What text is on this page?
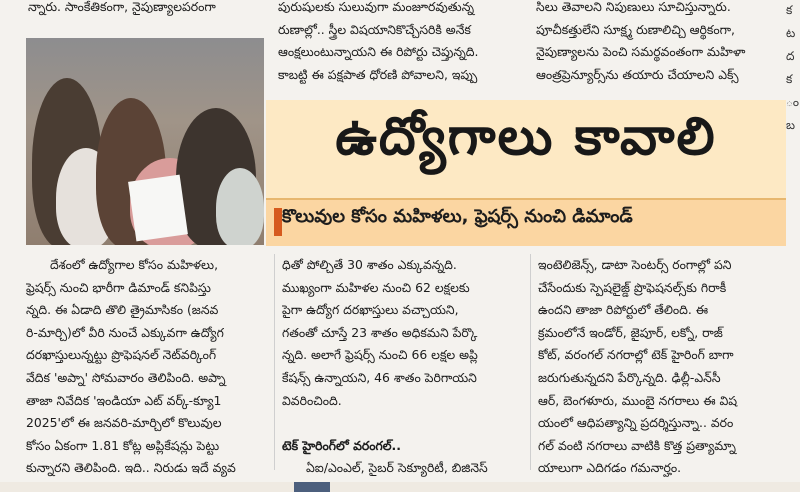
న్నారు. సాంకేతికంగా, నైపుణ్యాలపరంగా	పురుషులకు సులువుగా మంజూరవుతున్న
రుణాల్లో.. స్త్రీల విషయానికొచ్చేసరికి అనేక
ఆంక్షలుంటున్నాయని ఈ రిపోర్టు చెప్తున్నది.
కాబట్టి ఈ పక్షపాత ధోరణి పోవాలని, ఇప్పు
సిలు తెవాలని నిపుణులు సూచిస్తున్నారు.
పూచీకత్తులేని సూక్ష్మ రుణాలిచ్చి ఆర్థికంగా,
నైపుణ్యాలను పెంచి సమర్థవంతంగా మహిళా
ఆంత్రప్రెన్యూర్స్‌ను తయారు చేయాలని ఎక్స్
ఉద్యోగాలు కావాలి
కొలువుల కోసం మహిళలు, ఫ్రెషర్స్ నుంచి డిమాండ్
దేశంలో ఉద్యోగాల కోసం మహిళలు,
ఫ్రెషర్స్ నుంచి భారీగా డిమాండ్ కనిపిస్తు
న్నది. ఈ ఏడాది తొలి త్రైమాసికం (జనవ
రి-మార్చి)లో వీరి నుంచే ఎక్కువగా ఉద్యోగ
దరఖాస్తులున్నట్టు ప్రొఫెషనల్ నెట్‌వర్కింగ్
వేదిక 'అప్నా' సోమవారం తెలిపింది. అప్నా
తాజా నివేదిక 'ఇండియా ఎట్ వర్క్-క్యూ1
2025'లో ఈ జనవరి-మార్చిలో కొలువుల
కోసం ఏకంగా 1.81 కోట్ల అప్లికేషన్లు పెట్టు
కున్నారని తెలిపింది. ఇది.. నిరుడు ఇదే వ్యవ
ధితో పోల్చితే 30 శాతం ఎక్కువన్నది.
ముఖ్యంగా మహిళల నుంచి 62 లక్షలకు
పైగా ఉద్యోగ దరఖాస్తులు వచ్చాయని,
గతంతో చూస్తే 23 శాతం అధికమని పేర్కొ
న్నది. అలాగే ఫ్రెషర్స్ నుంచి 66 లక్షల అప్లి
కేషన్స్ ఉన్నాయని, 46 శాతం పెరిగాయని
వివరించింది.
టెక్ హైరింగ్‌లో వరంగల్..
ఏఐ/ఎంఎల్, సైబర్ సెక్యూరిటీ, బిజినెస్
ఇంటెలిజెన్స్, డాటా సెంటర్స్ రంగాల్లో పని
చేసేందుకు స్పెషలైజ్డ్ ప్రొఫెషనల్స్‌కు గిరాకీ
ఉందని తాజా రిపోర్టులో తేలింది. ఈ
క్రమంలోనే ఇండోర్, జైపూర్, లక్నో, రాజ్
కోట్, వరంగల్ నగరాల్లో టెక్ హైరింగ్ బాగా
జరుగుతున్నదని పేర్కొన్నది. ఢిల్లీ-ఎన్‌సీ
ఆర్, బెంగళూరు, ముంబై నగరాలు ఈ విష
యంలో ఆధిపత్యాన్ని ప్రదర్శిస్తున్నా.. వరం
గల్ వంటి నగరాలు వాటికి కొత్త ప్రత్యామ్నా
యాలుగా ఎదిగడం గమనార్హం.
క
ట
ద
క
ం
బ
